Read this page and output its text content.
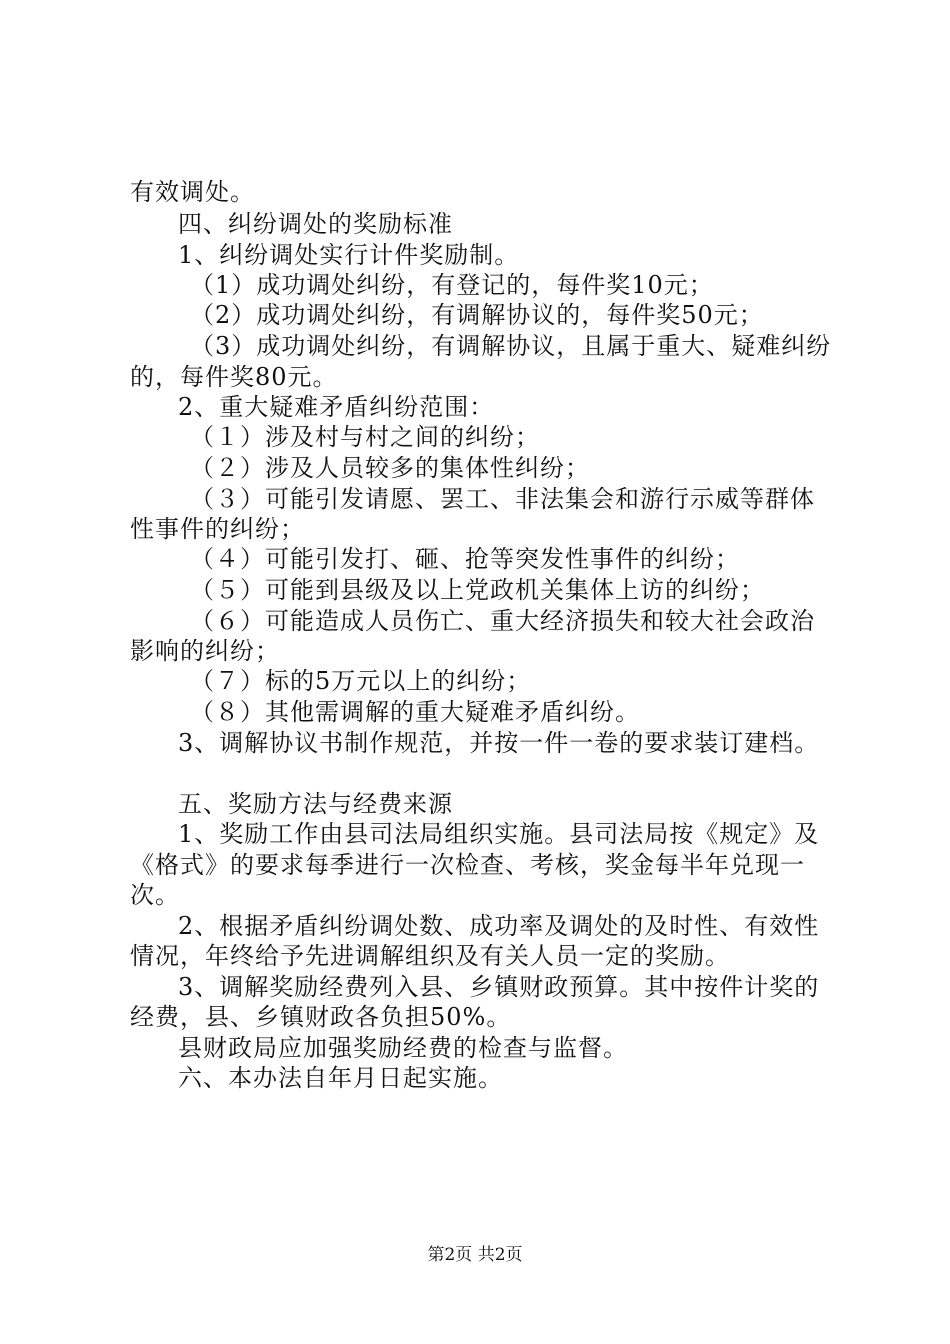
有效调处。
四、纠纷调处的奖励标准
1、纠纷调处实行计件奖励制。
（1）成功调处纠纷，有登记的，每件奖10元；
（2）成功调处纠纷，有调解协议的，每件奖50元；
（3）成功调处纠纷，有调解协议，且属于重大、疑难纠纷
的，每件奖80元。
2、重大疑难矛盾纠纷范围：
（１）涉及村与村之间的纠纷；
（２）涉及人员较多的集体性纠纷；
（３）可能引发请愿、罢工、非法集会和游行示威等群体
性事件的纠纷；
（４）可能引发打、砸、抢等突发性事件的纠纷；
（５）可能到县级及以上党政机关集体上访的纠纷；
（６）可能造成人员伤亡、重大经济损失和较大社会政治
影响的纠纷；
（７）标的5万元以上的纠纷；
（８）其他需调解的重大疑难矛盾纠纷。
3、调解协议书制作规范，并按一件一卷的要求装订建档。
五、奖励方法与经费来源
1、奖励工作由县司法局组织实施。县司法局按《规定》及
《格式》的要求每季进行一次检查、考核，奖金每半年兑现一
次。
2、根据矛盾纠纷调处数、成功率及调处的及时性、有效性
情况，年终给予先进调解组织及有关人员一定的奖励。
3、调解奖励经费列入县、乡镇财政预算。其中按件计奖的
经费，县、乡镇财政各负担50%。
县财政局应加强奖励经费的检查与监督。
六、本办法自年月日起实施。
第2页 共2页
